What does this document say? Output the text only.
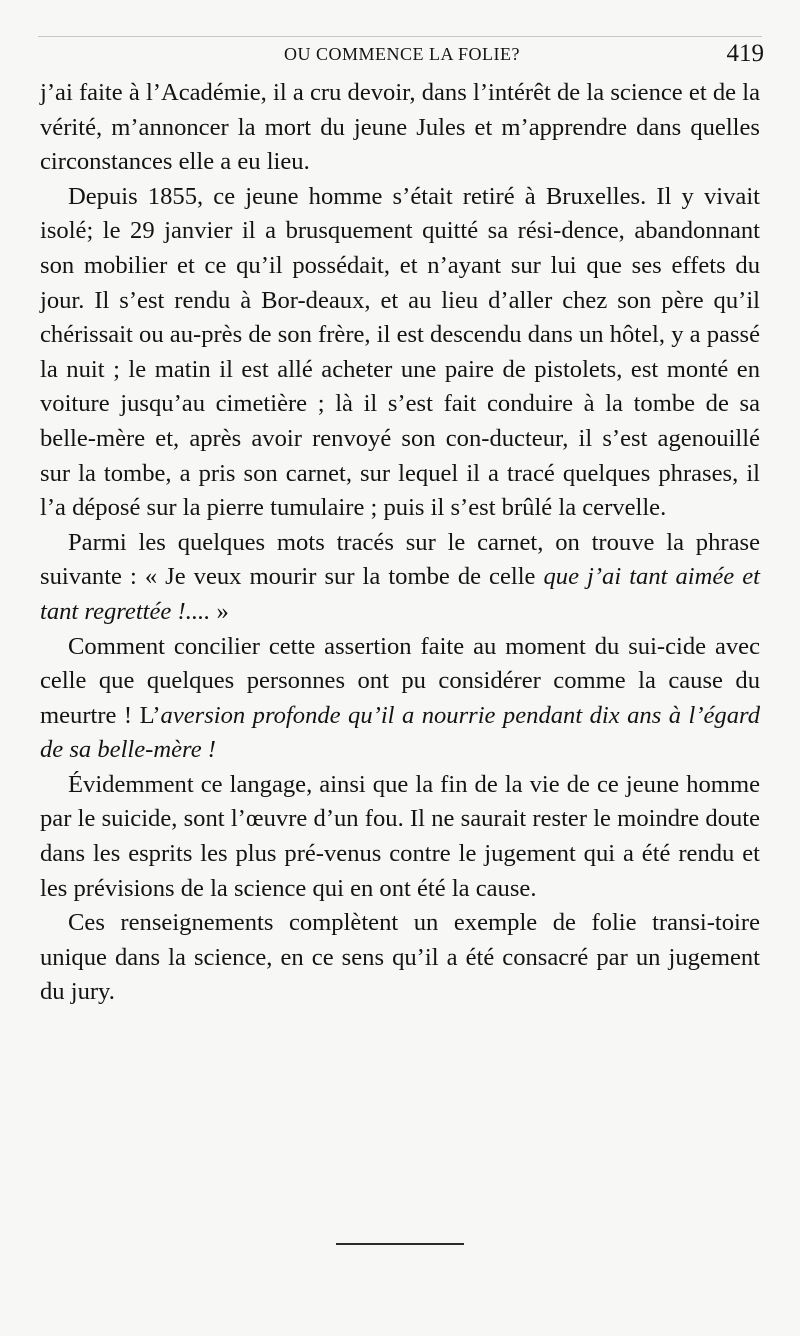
OU COMMENCE LA FOLIE?	419

j’ai faite à l’Académie, il a cru devoir, dans l’intérêt de la science et de la vérité, m’annoncer la mort du jeune Jules et m’apprendre dans quelles circonstances elle a eu lieu.

Depuis 1855, ce jeune homme s’était retiré à Bruxelles. Il y vivait isolé; le 29 janvier il a brusquement quitté sa rési-dence, abandonnant son mobilier et ce qu’il possédait, et n’ayant sur lui que ses effets du jour. Il s’est rendu à Bor-deaux, et au lieu d’aller chez son père qu’il chérissait ou au-près de son frère, il est descendu dans un hôtel, y a passé la nuit ; le matin il est allé acheter une paire de pistolets, est monté en voiture jusqu’au cimetière ; là il s’est fait conduire à la tombe de sa belle-mère et, après avoir renvoyé son con-ducteur, il s’est agenouillé sur la tombe, a pris son carnet, sur lequel il a tracé quelques phrases, il l’a déposé sur la pierre tumulaire ; puis il s’est brûlé la cervelle.

Parmi les quelques mots tracés sur le carnet, on trouve la phrase suivante : « Je veux mourir sur la tombe de celle que j’ai tant aimée et tant regrettée !.... »

Comment concilier cette assertion faite au moment du sui-cide avec celle que quelques personnes ont pu considérer comme la cause du meurtre ! L’aversion profonde qu’il a nourrie pendant dix ans à l’égard de sa belle-mère !

Évidemment ce langage, ainsi que la fin de la vie de ce jeune homme par le suicide, sont l’œuvre d’un fou. Il ne saurait rester le moindre doute dans les esprits les plus pré-venus contre le jugement qui a été rendu et les prévisions de la science qui en ont été la cause.

Ces renseignements complètent un exemple de folie transi-toire unique dans la science, en ce sens qu’il a été consacré par un jugement du jury.
